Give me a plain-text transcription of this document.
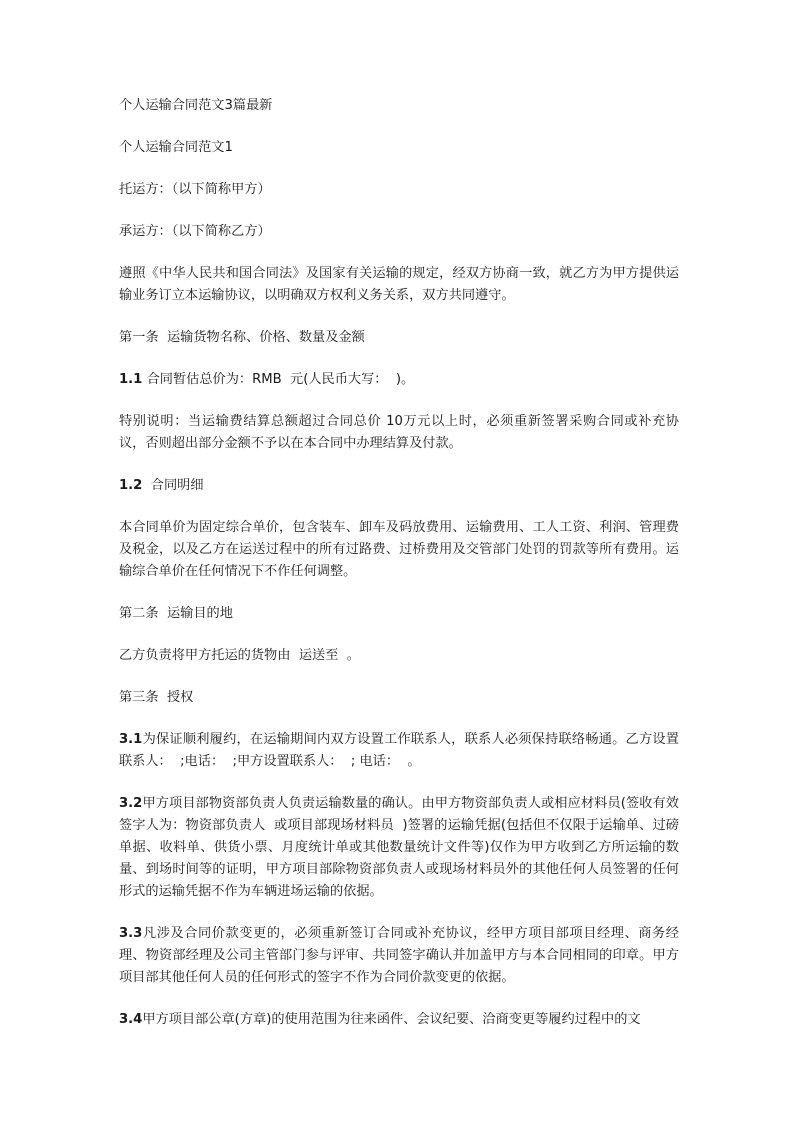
个人运输合同范文3篇最新

个人运输合同范文1

托运方：（以下简称甲方）

承运方：（以下简称乙方）

遵照《中华人民共和国合同法》及国家有关运输的规定，经双方协商一致，就乙方为甲方提供运输业务订立本运输协议，以明确双方权利义务关系，双方共同遵守。

第一条  运输货物名称、价格、数量及金额

1.1 合同暂估总价为：RMB  元(人民币大写：  )。

特别说明：当运输费结算总额超过合同总价 10万元以上时，必须重新签署采购合同或补充协议，否则超出部分金额不予以在本合同中办理结算及付款。

1.2  合同明细

本合同单价为固定综合单价，包含装车、卸车及码放费用、运输费用、工人工资、利润、管理费及税金，以及乙方在运送过程中的所有过路费、过桥费用及交管部门处罚的罚款等所有费用。运输综合单价在任何情况下不作任何调整。

第二条  运输目的地

乙方负责将甲方托运的货物由  运送至  。

第三条  授权

3.1为保证顺利履约，在运输期间内双方设置工作联系人，联系人必须保持联络畅通。乙方设置联系人：  ;电话：  ;甲方设置联系人：  ; 电话：  。

3.2甲方项目部物资部负责人负责运输数量的确认。由甲方物资部负责人或相应材料员(签收有效签字人为：物资部负责人  或项目部现场材料员  )签署的运输凭据(包括但不仅限于运输单、过磅单据、收料单、供货小票、月度统计单或其他数量统计文件等)仅作为甲方收到乙方所运输的数量、到场时间等的证明，甲方项目部除物资部负责人或现场材料员外的其他任何人员签署的任何形式的运输凭据不作为车辆进场运输的依据。

3.3凡涉及合同价款变更的，必须重新签订合同或补充协议，经甲方项目部项目经理、商务经理、物资部经理及公司主管部门参与评审、共同签字确认并加盖甲方与本合同相同的印章。甲方项目部其他任何人员的任何形式的签字不作为合同价款变更的依据。

3.4甲方项目部公章(方章)的使用范围为往来函件、会议纪要、洽商变更等履约过程中的文
